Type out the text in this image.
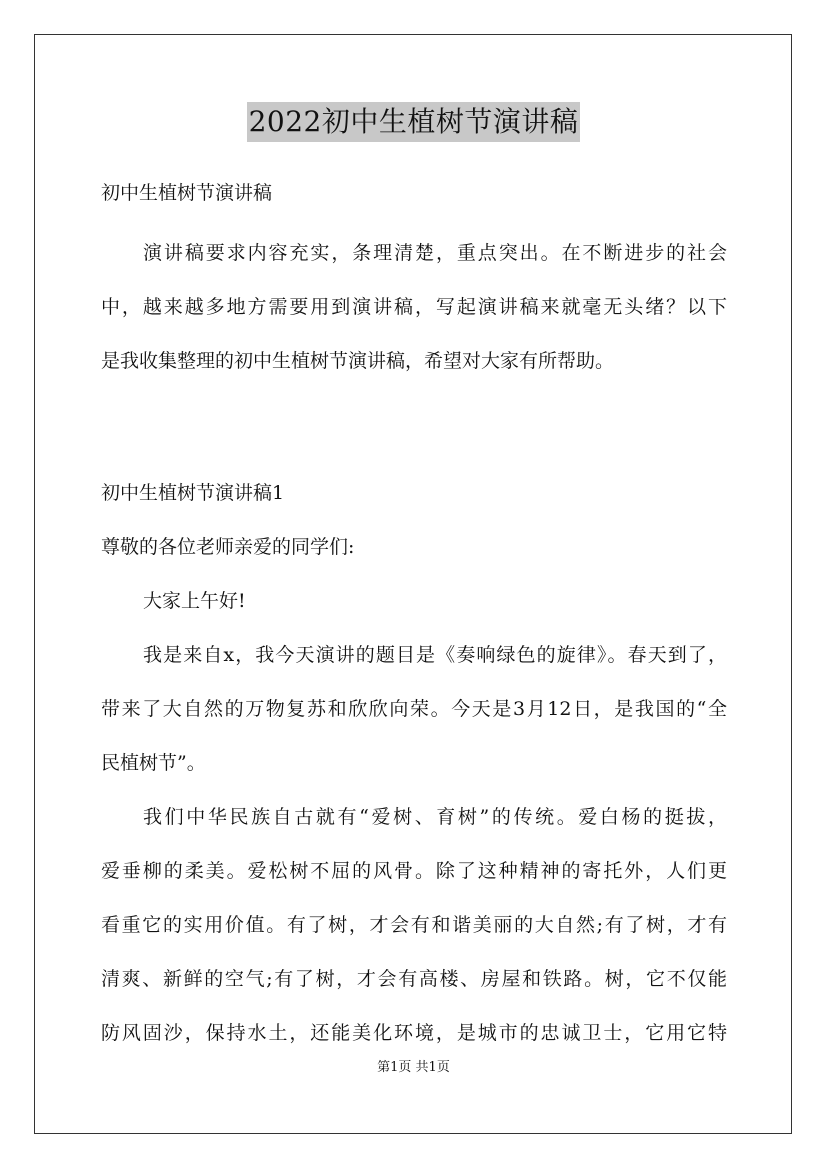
2022初中生植树节演讲稿
初中生植树节演讲稿
演讲稿要求内容充实，条理清楚，重点突出。在不断进步的社会
中，越来越多地方需要用到演讲稿，写起演讲稿来就毫无头绪？以下
是我收集整理的初中生植树节演讲稿，希望对大家有所帮助。
初中生植树节演讲稿1
尊敬的各位老师亲爱的同学们:
大家上午好!
我是来自x，我今天演讲的题目是《奏响绿色的旋律》。春天到了，
带来了大自然的万物复苏和欣欣向荣。今天是3月12日，是我国的“全
民植树节”。
我们中华民族自古就有“爱树、育树”的传统。爱白杨的挺拔，
爱垂柳的柔美。爱松树不屈的风骨。除了这种精神的寄托外，人们更
看重它的实用价值。有了树，才会有和谐美丽的大自然;有了树，才有
清爽、新鲜的空气;有了树，才会有高楼、房屋和铁路。树，它不仅能
防风固沙，保持水土，还能美化环境，是城市的忠诚卫士，它用它特
第1页 共1页
